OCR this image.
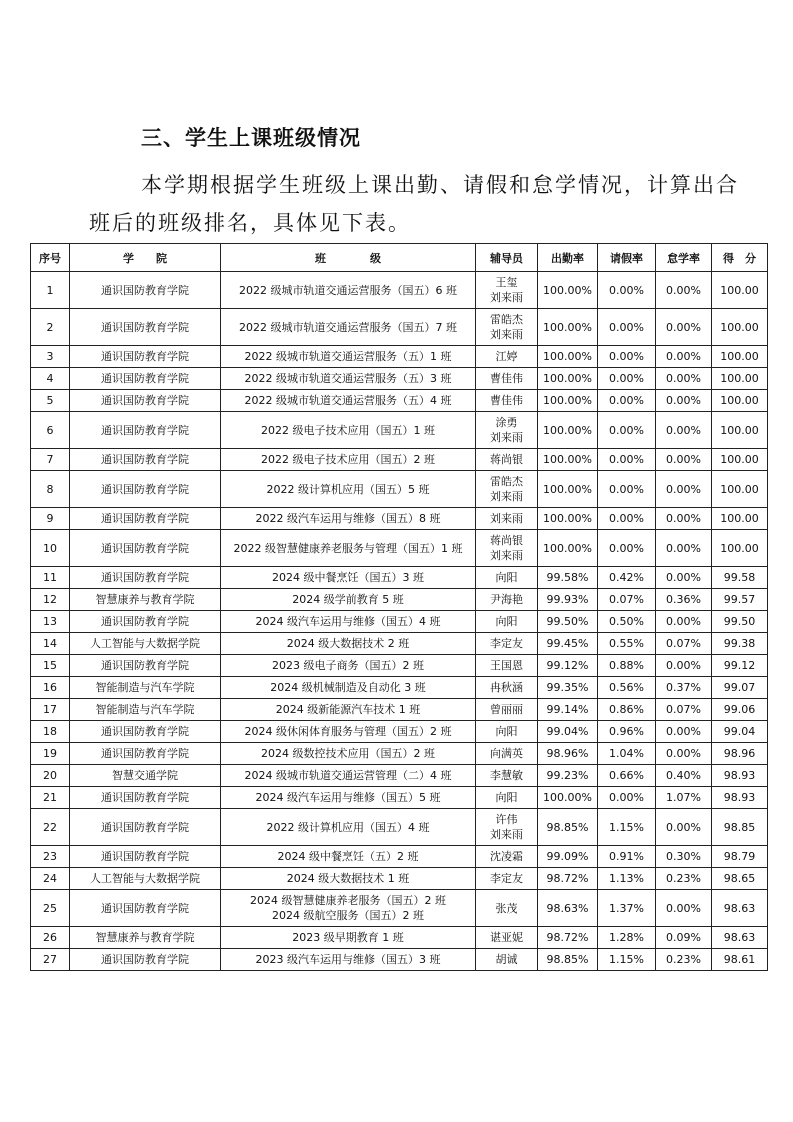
三、学生上课班级情况
本学期根据学生班级上课出勤、请假和怠学情况，计算出合
班后的班级排名，具体见下表。
序号	学　　院	班　　　　级	辅导员	出勤率	请假率	怠学率	得　分
1	通识国防教育学院	2022 级城市轨道交通运营服务（国五）6 班	王玺
刘来雨	100.00%	0.00%	0.00%	100.00
2	通识国防教育学院	2022 级城市轨道交通运营服务（国五）7 班	雷皓杰
刘来雨	100.00%	0.00%	0.00%	100.00
3	通识国防教育学院	2022 级城市轨道交通运营服务（五）1 班	江婷	100.00%	0.00%	0.00%	100.00
4	通识国防教育学院	2022 级城市轨道交通运营服务（五）3 班	曹佳伟	100.00%	0.00%	0.00%	100.00
5	通识国防教育学院	2022 级城市轨道交通运营服务（五）4 班	曹佳伟	100.00%	0.00%	0.00%	100.00
6	通识国防教育学院	2022 级电子技术应用（国五）1 班	涂勇
刘来雨	100.00%	0.00%	0.00%	100.00
7	通识国防教育学院	2022 级电子技术应用（国五）2 班	蒋尚银	100.00%	0.00%	0.00%	100.00
8	通识国防教育学院	2022 级计算机应用（国五）5 班	雷皓杰
刘来雨	100.00%	0.00%	0.00%	100.00
9	通识国防教育学院	2022 级汽车运用与维修（国五）8 班	刘来雨	100.00%	0.00%	0.00%	100.00
10	通识国防教育学院	2022 级智慧健康养老服务与管理（国五）1 班	蒋尚银
刘来雨	100.00%	0.00%	0.00%	100.00
11	通识国防教育学院	2024 级中餐烹饪（国五）3 班	向阳	99.58%	0.42%	0.00%	99.58
12	智慧康养与教育学院	2024 级学前教育 5 班	尹海艳	99.93%	0.07%	0.36%	99.57
13	通识国防教育学院	2024 级汽车运用与维修（国五）4 班	向阳	99.50%	0.50%	0.00%	99.50
14	人工智能与大数据学院	2024 级大数据技术 2 班	李定友	99.45%	0.55%	0.07%	99.38
15	通识国防教育学院	2023 级电子商务（国五）2 班	王国恩	99.12%	0.88%	0.00%	99.12
16	智能制造与汽车学院	2024 级机械制造及自动化 3 班	冉秋涵	99.35%	0.56%	0.37%	99.07
17	智能制造与汽车学院	2024 级新能源汽车技术 1 班	曾丽丽	99.14%	0.86%	0.07%	99.06
18	通识国防教育学院	2024 级休闲体育服务与管理（国五）2 班	向阳	99.04%	0.96%	0.00%	99.04
19	通识国防教育学院	2024 级数控技术应用（国五）2 班	向满英	98.96%	1.04%	0.00%	98.96
20	智慧交通学院	2024 级城市轨道交通运营管理（二）4 班	李慧敏	99.23%	0.66%	0.40%	98.93
21	通识国防教育学院	2024 级汽车运用与维修（国五）5 班	向阳	100.00%	0.00%	1.07%	98.93
22	通识国防教育学院	2022 级计算机应用（国五）4 班	许伟
刘来雨	98.85%	1.15%	0.00%	98.85
23	通识国防教育学院	2024 级中餐烹饪（五）2 班	沈凌霜	99.09%	0.91%	0.30%	98.79
24	人工智能与大数据学院	2024 级大数据技术 1 班	李定友	98.72%	1.13%	0.23%	98.65
25	通识国防教育学院	2024 级智慧健康养老服务（国五）2 班
2024 级航空服务（国五）2 班	张茂	98.63%	1.37%	0.00%	98.63
26	智慧康养与教育学院	2023 级早期教育 1 班	谌亚妮	98.72%	1.28%	0.09%	98.63
27	通识国防教育学院	2023 级汽车运用与维修（国五）3 班	胡诚	98.85%	1.15%	0.23%	98.61
